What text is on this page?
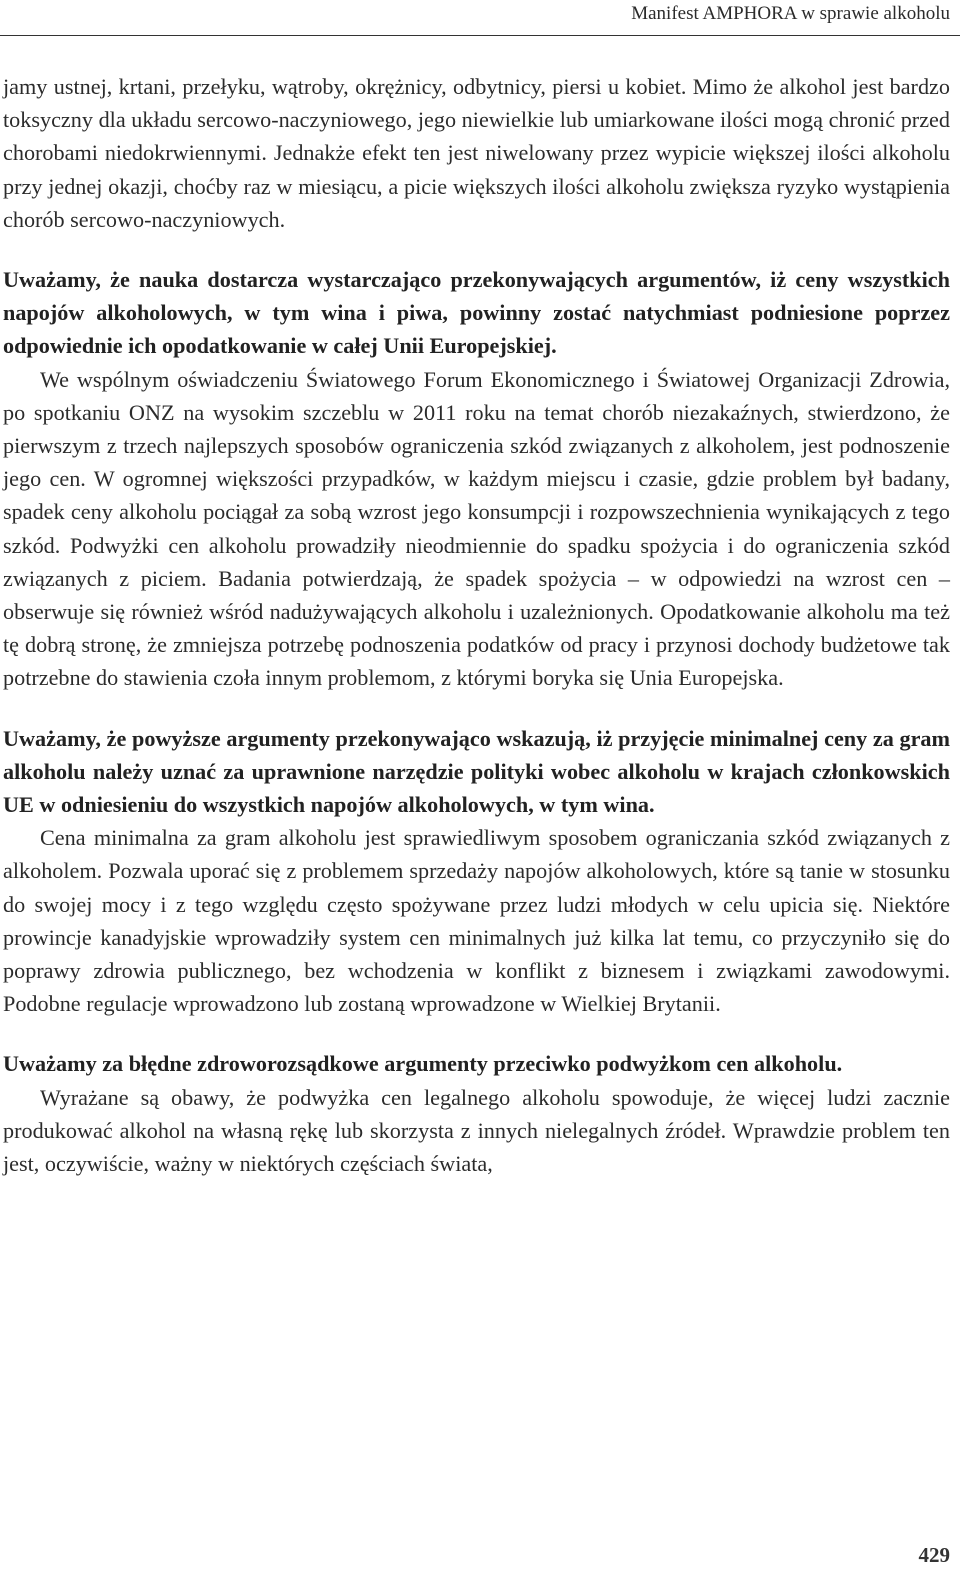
Manifest AMPHORA w sprawie alkoholu

jamy ustnej, krtani, przełyku, wątroby, okrężnicy, odbytnicy, piersi u kobiet. Mimo że alkohol jest bardzo toksyczny dla układu sercowo-naczyniowego, jego niewielkie lub umiarkowane ilości mogą chronić przed chorobami niedokrwiennymi. Jednakże efekt ten jest niwelowany przez wypicie większej ilości alkoholu przy jednej okazji, choćby raz w miesiącu, a picie większych ilości alkoholu zwiększa ryzyko wystąpienia chorób sercowo-naczyniowych.

Uważamy, że nauka dostarcza wystarczająco przekonywających argumentów, iż ceny wszystkich napojów alkoholowych, w tym wina i piwa, powinny zostać natychmiast podniesione poprzez odpowiednie ich opodatkowanie w całej Unii Europejskiej.

We wspólnym oświadczeniu Światowego Forum Ekonomicznego i Światowej Organizacji Zdrowia, po spotkaniu ONZ na wysokim szczeblu w 2011 roku na temat chorób niezakaźnych, stwierdzono, że pierwszym z trzech najlepszych sposobów ograniczenia szkód związanych z alkoholem, jest podnoszenie jego cen. W ogromnej większości przypadków, w każdym miejscu i czasie, gdzie problem był badany, spadek ceny alkoholu pociągał za sobą wzrost jego konsumpcji i rozpowszechnienia wynikających z tego szkód. Podwyżki cen alkoholu prowadziły nieodmiennie do spadku spożycia i do ograniczenia szkód związanych z piciem. Badania potwierdzają, że spadek spożycia – w odpowiedzi na wzrost cen – obserwuje się również wśród nadużywających alkoholu i uzależnionych. Opodatkowanie alkoholu ma też tę dobrą stronę, że zmniejsza potrzebę podnoszenia podatków od pracy i przynosi dochody budżetowe tak potrzebne do stawienia czoła innym problemom, z którymi boryka się Unia Europejska.

Uważamy, że powyższe argumenty przekonywająco wskazują, iż przyjęcie minimalnej ceny za gram alkoholu należy uznać za uprawnione narzędzie polityki wobec alkoholu w krajach członkowskich UE w odniesieniu do wszystkich napojów alkoholowych, w tym wina.

Cena minimalna za gram alkoholu jest sprawiedliwym sposobem ograniczania szkód związanych z alkoholem. Pozwala uporać się z problemem sprzedaży napojów alkoholowych, które są tanie w stosunku do swojej mocy i z tego względu często spożywane przez ludzi młodych w celu upicia się. Niektóre prowincje kanadyjskie wprowadziły system cen minimalnych już kilka lat temu, co przyczyniło się do poprawy zdrowia publicznego, bez wchodzenia w konflikt z biznesem i związkami zawodowymi. Podobne regulacje wprowadzono lub zostaną wprowadzone w Wielkiej Brytanii.

Uważamy za błędne zdroworozsądkowe argumenty przeciwko podwyżkom cen alkoholu.

Wyrażane są obawy, że podwyżka cen legalnego alkoholu spowoduje, że więcej ludzi zacznie produkować alkohol na własną rękę lub skorzysta z innych nielegalnych źródeł. Wprawdzie problem ten jest, oczywiście, ważny w niektórych częściach świata,

429
